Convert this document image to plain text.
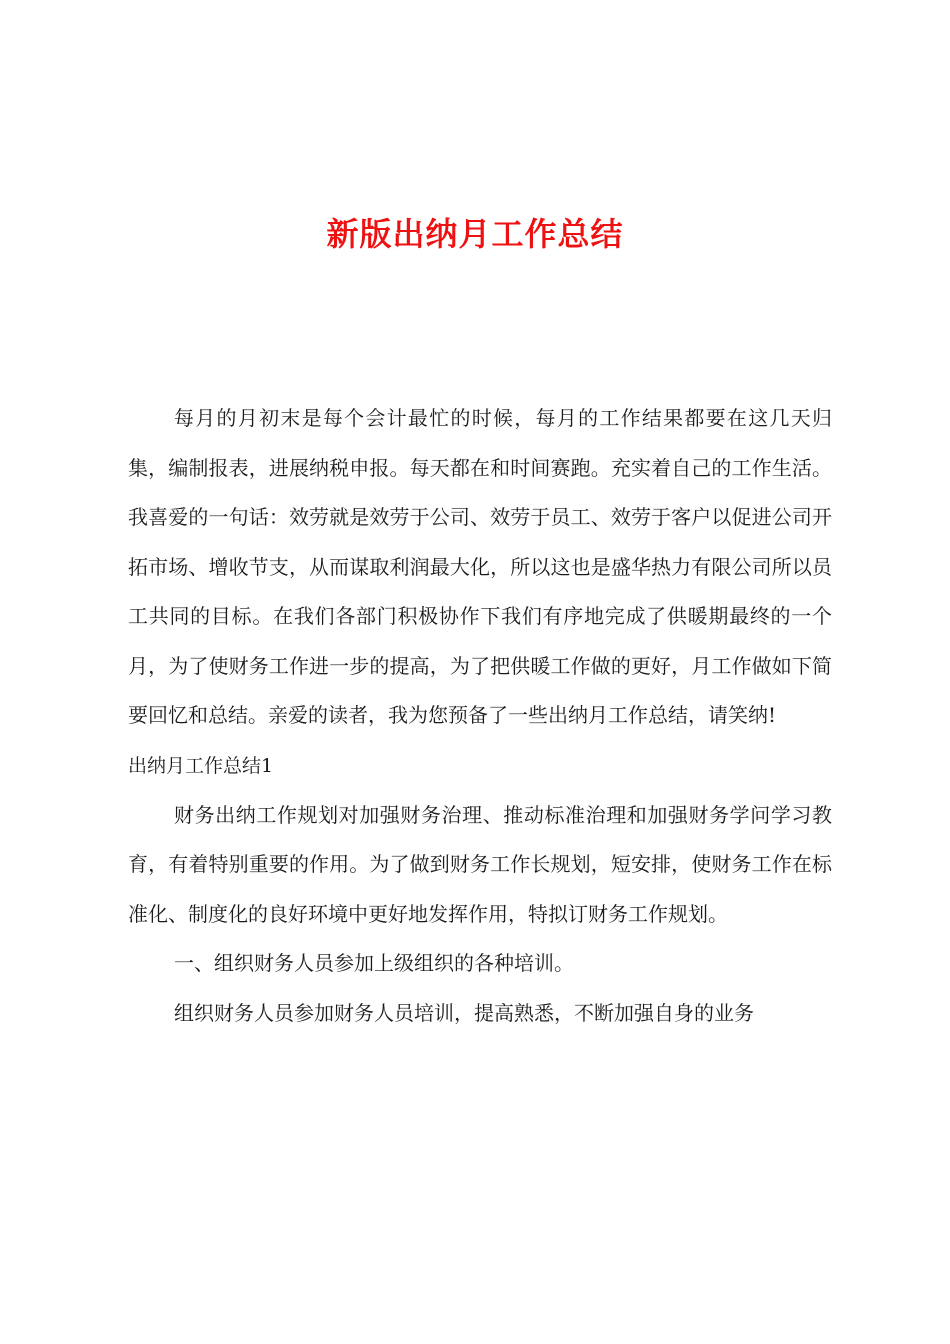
新版出纳月工作总结

每月的月初末是每个会计最忙的时候，每月的工作结果都要在这几天归集，编制报表，进展纳税申报。每天都在和时间赛跑。充实着自己的工作生活。我喜爱的一句话：效劳就是效劳于公司、效劳于员工、效劳于客户以促进公司开拓市场、增收节支，从而谋取利润最大化，所以这也是盛华热力有限公司所以员工共同的目标。在我们各部门积极协作下我们有序地完成了供暖期最终的一个月，为了使财务工作进一步的提高，为了把供暖工作做的更好，月工作做如下简要回忆和总结。亲爱的读者，我为您预备了一些出纳月工作总结，请笑纳!

出纳月工作总结1

财务出纳工作规划对加强财务治理、推动标准治理和加强财务学问学习教育，有着特别重要的作用。为了做到财务工作长规划，短安排，使财务工作在标准化、制度化的良好环境中更好地发挥作用，特拟订财务工作规划。

一、组织财务人员参加上级组织的各种培训。

组织财务人员参加财务人员培训，提高熟悉，不断加强自身的业务
